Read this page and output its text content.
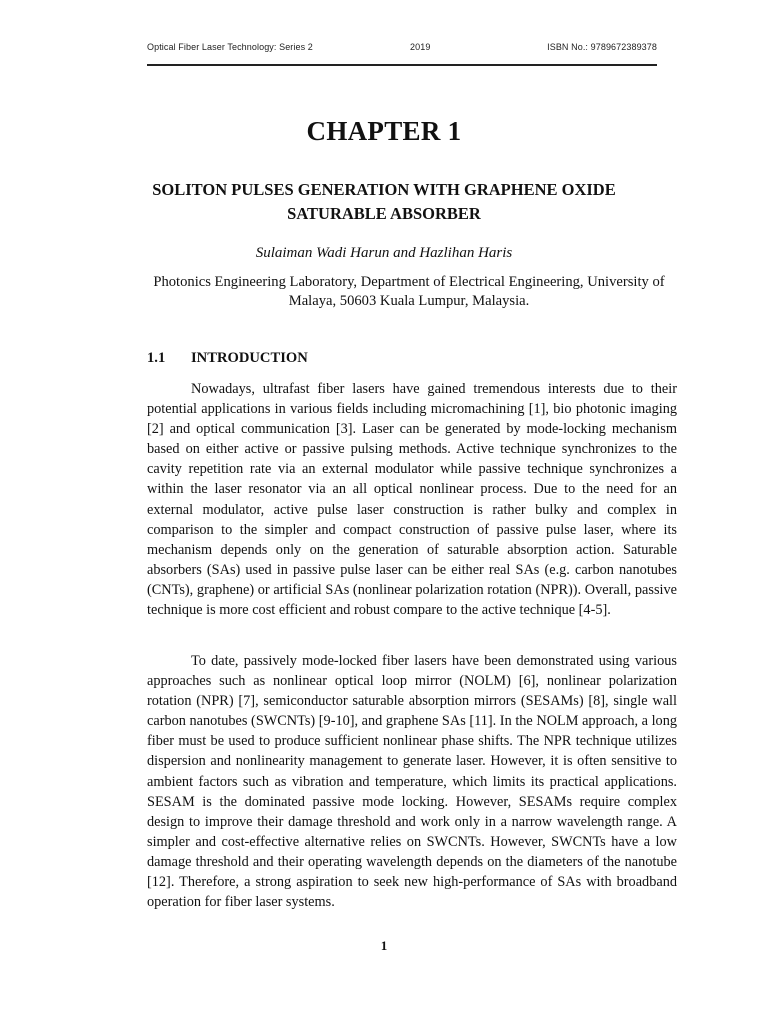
Optical Fiber Laser Technology: Series 2	2019	ISBN No.: 9789672389378
CHAPTER 1
SOLITON PULSES GENERATION WITH GRAPHENE OXIDE SATURABLE ABSORBER
Sulaiman Wadi Harun and Hazlihan Haris
Photonics Engineering Laboratory, Department of Electrical Engineering, University of Malaya, 50603 Kuala Lumpur, Malaysia.
1.1 INTRODUCTION

Nowadays, ultrafast fiber lasers have gained tremendous interests due to their potential applications in various fields including micromachining [1], bio photonic imaging [2] and optical communication [3]. Laser can be generated by mode-locking mechanism based on either active or passive pulsing methods. Active technique synchronizes to the cavity repetition rate via an external modulator while passive technique synchronizes a within the laser resonator via an all optical nonlinear process. Due to the need for an external modulator, active pulse laser construction is rather bulky and complex in comparison to the simpler and compact construction of passive pulse laser, where its mechanism depends only on the generation of saturable absorption action. Saturable absorbers (SAs) used in passive pulse laser can be either real SAs (e.g. carbon nanotubes (CNTs), graphene) or artificial SAs (nonlinear polarization rotation (NPR)). Overall, passive technique is more cost efficient and robust compare to the active technique [4-5].

To date, passively mode-locked fiber lasers have been demonstrated using various approaches such as nonlinear optical loop mirror (NOLM) [6], nonlinear polarization rotation (NPR) [7], semiconductor saturable absorption mirrors (SESAMs) [8], single wall carbon nanotubes (SWCNTs) [9-10], and graphene SAs [11]. In the NOLM approach, a long fiber must be used to produce sufficient nonlinear phase shifts. The NPR technique utilizes dispersion and nonlinearity management to generate laser. However, it is often sensitive to ambient factors such as vibration and temperature, which limits its practical applications. SESAM is the dominated passive mode locking. However, SESAMs require complex design to improve their damage threshold and work only in a narrow wavelength range. A simpler and cost-effective alternative relies on SWCNTs. However, SWCNTs have a low damage threshold and their operating wavelength depends on the diameters of the nanotube [12]. Therefore, a strong aspiration to seek new high-performance of SAs with broadband operation for fiber laser systems.

1
